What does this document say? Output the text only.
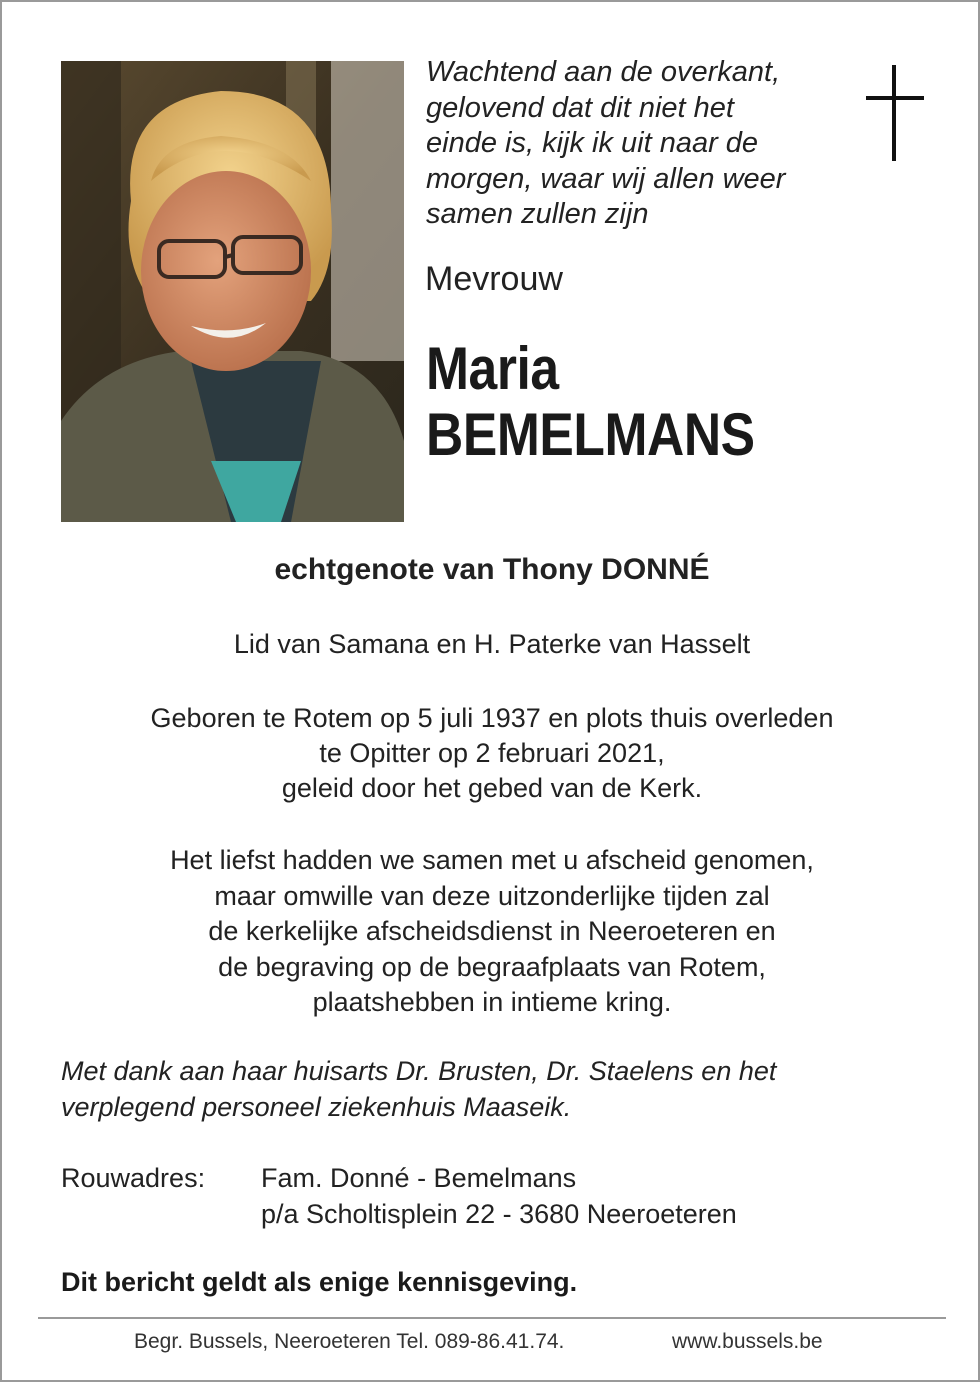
Wachtend aan de overkant,
gelovend dat dit niet het
einde is, kijk ik uit naar de
morgen, waar wij allen weer
samen zullen zijn
Mevrouw
Maria
BEMELMANS
echtgenote van Thony DONNÉ
Lid van Samana en H. Paterke van Hasselt
Geboren te Rotem op 5 juli 1937 en plots thuis overleden
te Opitter op 2 februari 2021,
geleid door het gebed van de Kerk.
Het liefst hadden we samen met u afscheid genomen,
maar omwille van deze uitzonderlijke tijden zal
de kerkelijke afscheidsdienst in Neeroeteren en
de begraving op de begraafplaats van Rotem,
plaatshebben in intieme kring.
Met dank aan haar huisarts Dr. Brusten, Dr. Staelens en het
verplegend personeel ziekenhuis Maaseik.
Rouwadres: Fam. Donné - Bemelmans
p/a Scholtisplein 22 - 3680 Neeroeteren
Dit bericht geldt als enige kennisgeving.
Begr. Bussels, Neeroeteren Tel. 089-86.41.74.	www.bussels.be
